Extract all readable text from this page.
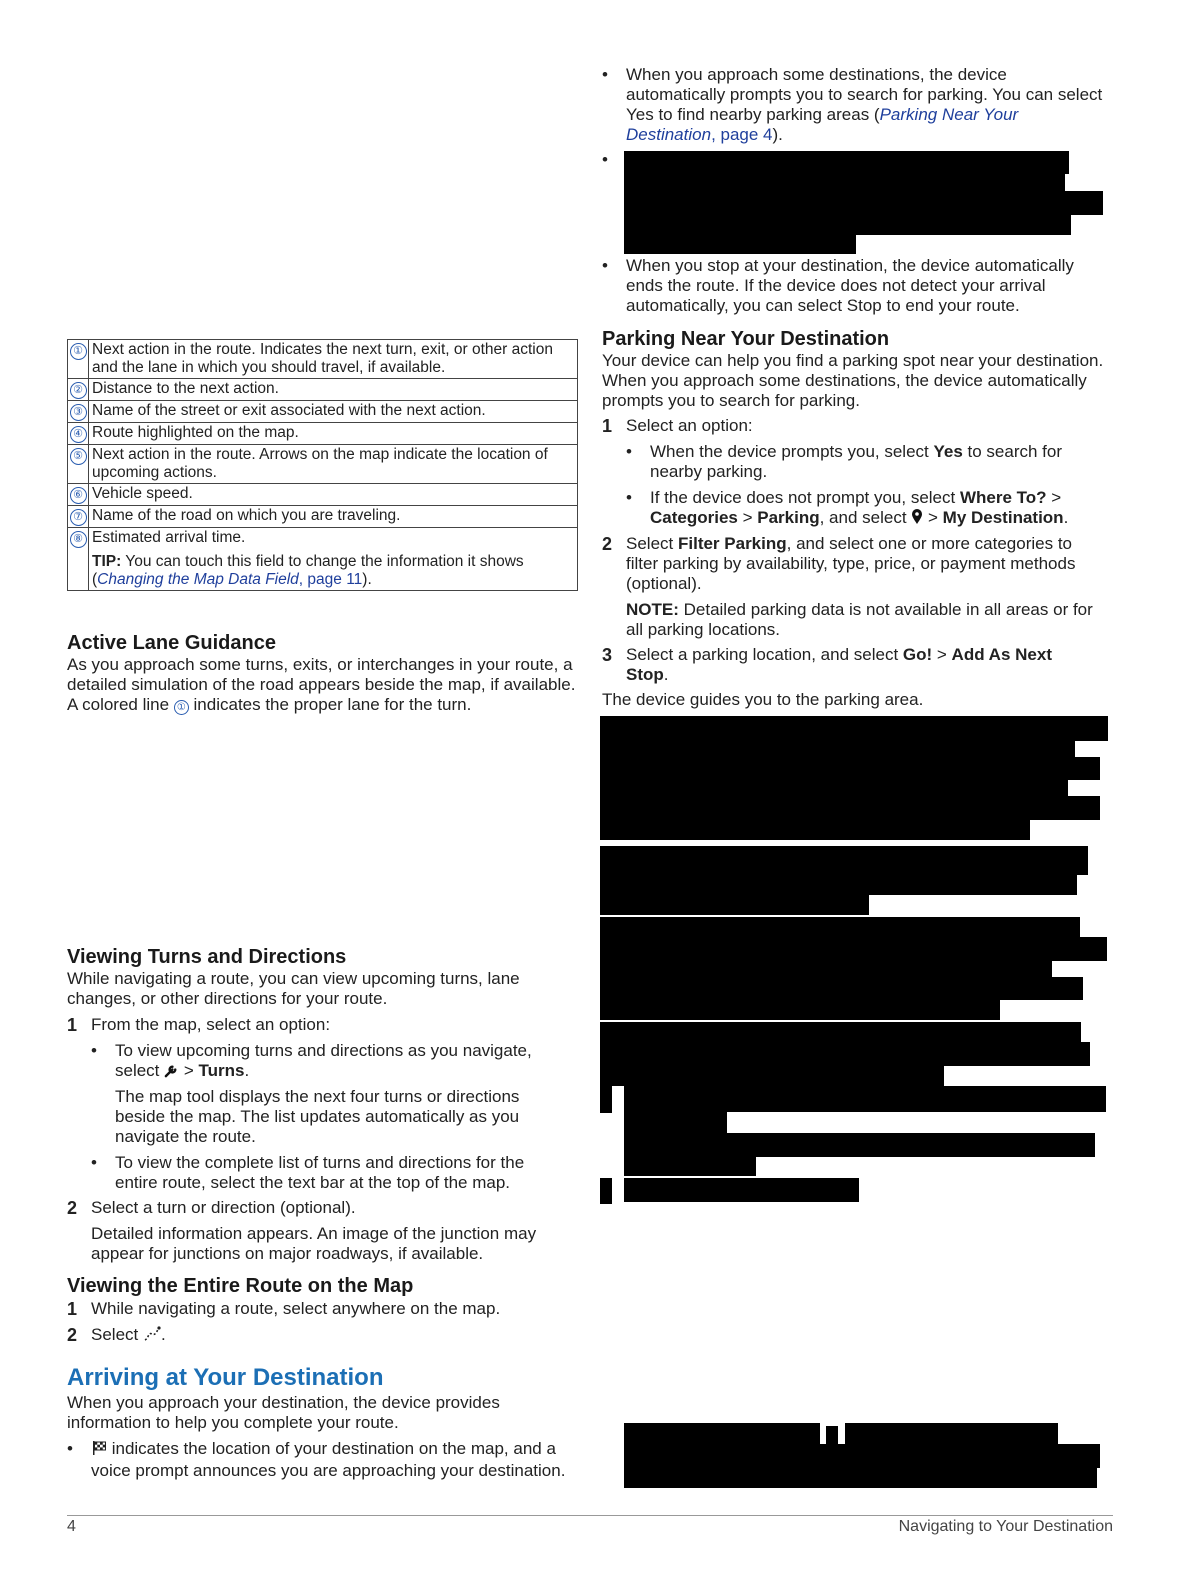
①	Next action in the route. Indicates the next turn, exit, or other action and the lane in which you should travel, if available.
②	Distance to the next action.
③	Name of the street or exit associated with the next action.
④	Route highlighted on the map.
⑤	Next action in the route. Arrows on the map indicate the location of upcoming actions.
⑥	Vehicle speed.
⑦	Name of the road on which you are traveling.
⑧	Estimated arrival time.
TIP: You can touch this field to change the information it shows (Changing the Map Data Field, page 11).
Active Lane Guidance
As you approach some turns, exits, or interchanges in your route, a detailed simulation of the road appears beside the map, if available. A colored line ① indicates the proper lane for the turn.
Viewing Turns and Directions
While navigating a route, you can view upcoming turns, lane changes, or other directions for your route.
1 From the map, select an option:
• To view upcoming turns and directions as you navigate, select  > Turns.
The map tool displays the next four turns or directions beside the map. The list updates automatically as you navigate the route.
• To view the complete list of turns and directions for the entire route, select the text bar at the top of the map.
2 Select a turn or direction (optional).
Detailed information appears. An image of the junction may appear for junctions on major roadways, if available.
Viewing the Entire Route on the Map
1 While navigating a route, select anywhere on the map.
2 Select .
Arriving at Your Destination
When you approach your destination, the device provides information to help you complete your route.
•	indicates the location of your destination on the map, and a voice prompt announces you are approaching your destination.
• When you approach some destinations, the device automatically prompts you to search for parking. You can select Yes to find nearby parking areas (Parking Near Your Destination, page 4).
•
• When you stop at your destination, the device automatically ends the route. If the device does not detect your arrival automatically, you can select Stop to end your route.
Parking Near Your Destination
Your device can help you find a parking spot near your destination. When you approach some destinations, the device automatically prompts you to search for parking.
1 Select an option:
• When the device prompts you, select Yes to search for nearby parking.
• If the device does not prompt you, select Where To? > Categories > Parking, and select  > My Destination.
2 Select Filter Parking, and select one or more categories to filter parking by availability, type, price, or payment methods (optional).
NOTE: Detailed parking data is not available in all areas or for all parking locations.
3 Select a parking location, and select Go! > Add As Next Stop.
The device guides you to the parking area.
4	Navigating to Your Destination
